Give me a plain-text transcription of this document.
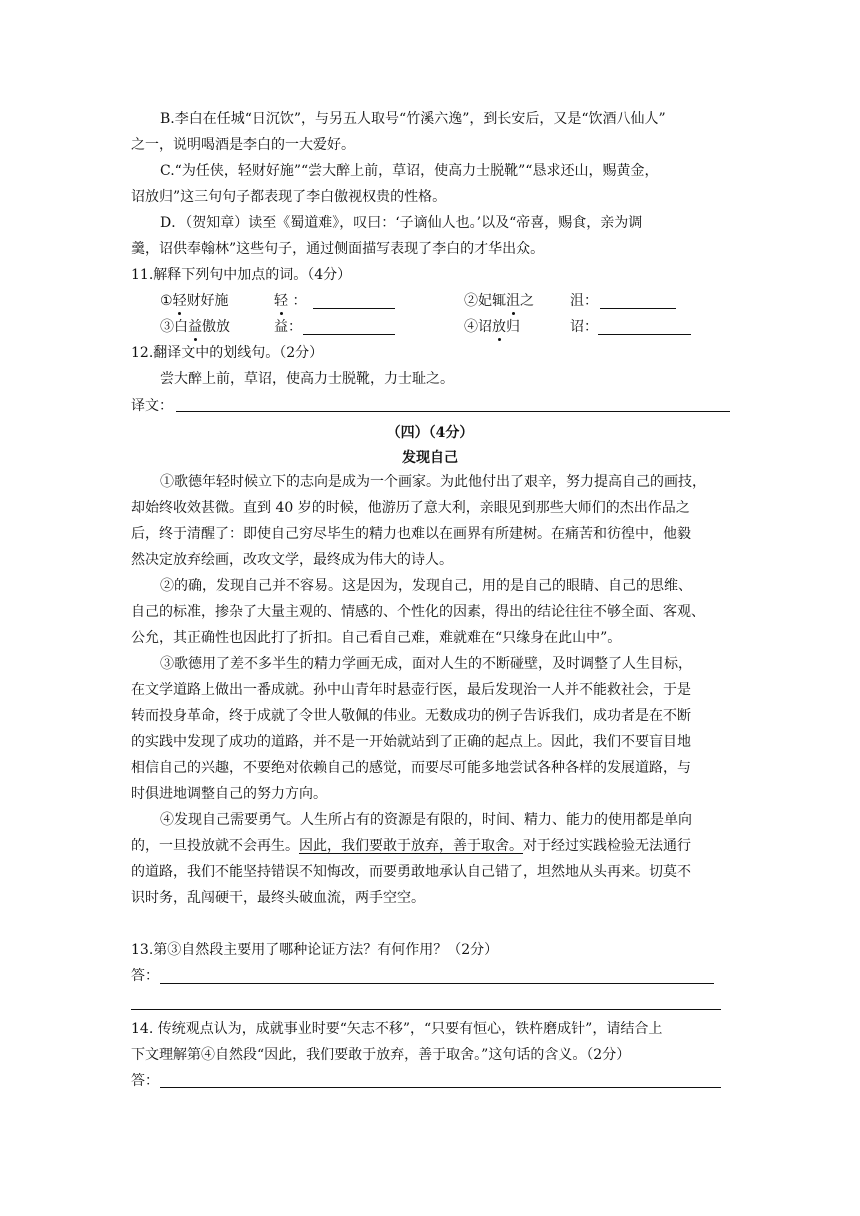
B.李白在任城“日沉饮”，与另五人取号“竹溪六逸”，到长安后，又是“饮酒八仙人”
之一，说明喝酒是李白的一大爱好。
C.“为任侠，轻财好施”“尝大醉上前，草诏，使高力士脱靴”“恳求还山，赐黄金，
诏放归”这三句句子都表现了李白傲视权贵的性格。
D．（贺知章）读至《蜀道难》，叹曰：‘子谪仙人也。’以及“帝喜，赐食，亲为调
羹，诏供奉翰林”这些句子，通过侧面描写表现了李白的才华出众。
11.解释下列句中加点的词。（4分）
①轻财好施	轻 ：	②妃辄沮之	沮：
③白益傲放	益：	④诏放归	诏：
12.翻译文中的划线句。（2分）
尝大醉上前，草诏，使高力士脱靴，力士耻之。
译文：
（四）（4分）
发现自己
①歌德年轻时候立下的志向是成为一个画家。为此他付出了艰辛，努力提高自己的画技，
却始终收效甚微。直到 40 岁的时候，他游历了意大利，亲眼见到那些大师们的杰出作品之
后，终于清醒了：即使自己穷尽毕生的精力也难以在画界有所建树。在痛苦和彷徨中，他毅
然决定放弃绘画，改攻文学，最终成为伟大的诗人。
②的确，发现自己并不容易。这是因为，发现自己，用的是自己的眼睛、自己的思维、
自己的标准，掺杂了大量主观的、情感的、个性化的因素，得出的结论往往不够全面、客观、
公允，其正确性也因此打了折扣。自己看自己难，难就难在“只缘身在此山中”。
③歌德用了差不多半生的精力学画无成，面对人生的不断碰壁，及时调整了人生目标，
在文学道路上做出一番成就。孙中山青年时悬壶行医，最后发现治一人并不能救社会，于是
转而投身革命，终于成就了令世人敬佩的伟业。无数成功的例子告诉我们，成功者是在不断
的实践中发现了成功的道路，并不是一开始就站到了正确的起点上。因此，我们不要盲目地
相信自己的兴趣，不要绝对依赖自己的感觉，而要尽可能多地尝试各种各样的发展道路，与
时俱进地调整自己的努力方向。
④发现自己需要勇气。人生所占有的资源是有限的，时间、精力、能力的使用都是单向
的，一旦投放就不会再生。因此，我们要敢于放弃，善于取舍。对于经过实践检验无法通行
的道路，我们不能坚持错误不知悔改，而要勇敢地承认自己错了，坦然地从头再来。切莫不
识时务，乱闯硬干，最终头破血流，两手空空。
13.第③自然段主要用了哪种论证方法？有何作用？（2分）
答：
14. 传统观点认为，成就事业时要“矢志不移”，“只要有恒心，铁杵磨成针”，请结合上
下文理解第④自然段“因此，我们要敢于放弃，善于取舍。”这句话的含义。（2分）
答：
